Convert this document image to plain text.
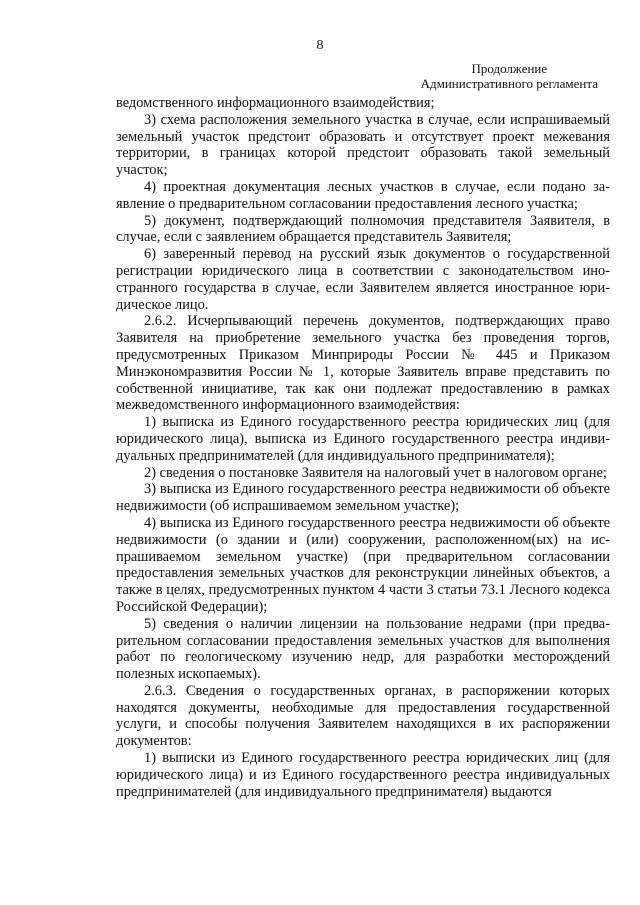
8
Продолжение
Административного регламента

ведомственного информационного взаимодействия;

3) схема расположения земельного участка в случае, если испрашиваемый земельный участок предстоит образовать и отсутствует проект межевания территории, в границах которой предстоит образовать такой земельный участок;

4) проектная документация лесных участков в случае, если подано заявление о предварительном согласовании предоставления лесного участка;

5) документ, подтверждающий полномочия представителя Заявителя, в случае, если с заявлением обращается представитель Заявителя;

6) заверенный перевод на русский язык документов о государственной регистрации юридического лица в соответствии с законодательством иностранного государства в случае, если Заявителем является иностранное юридическое лицо.

2.6.2. Исчерпывающий перечень документов, подтверждающих право Заявителя на приобретение земельного участка без проведения торгов, предусмотренных Приказом Минприроды России № 445 и Приказом Минэкономразвития России № 1, которые Заявитель вправе представить по собственной инициативе, так как они подлежат предоставлению в рамках межведомственного информационного взаимодействия:

1) выписка из Единого государственного реестра юридических лиц (для юридического лица), выписка из Единого государственного реестра индивидуальных предпринимателей (для индивидуального предпринимателя);

2) сведения о постановке Заявителя на налоговый учет в налоговом органе;

3) выписка из Единого государственного реестра недвижимости об объекте недвижимости (об испрашиваемом земельном участке);

4) выписка из Единого государственного реестра недвижимости об объекте недвижимости (о здании и (или) сооружении, расположенном(ых) на испрашиваемом земельном участке) (при предварительном согласовании предоставления земельных участков для реконструкции линейных объектов, а также в целях, предусмотренных пунктом 4 части 3 статьи 73.1 Лесного кодекса Российской Федерации);

5) сведения о наличии лицензии на пользование недрами (при предварительном согласовании предоставления земельных участков для выполнения работ по геологическому изучению недр, для разработки месторождений полезных ископаемых).

2.6.3. Сведения о государственных органах, в распоряжении которых находятся документы, необходимые для предоставления государственной услуги, и способы получения Заявителем находящихся в их распоряжении документов:

1) выписки из Единого государственного реестра юридических лиц (для юридического лица) и из Единого государственного реестра индивидуальных предпринимателей (для индивидуального предпринимателя) выдаются
